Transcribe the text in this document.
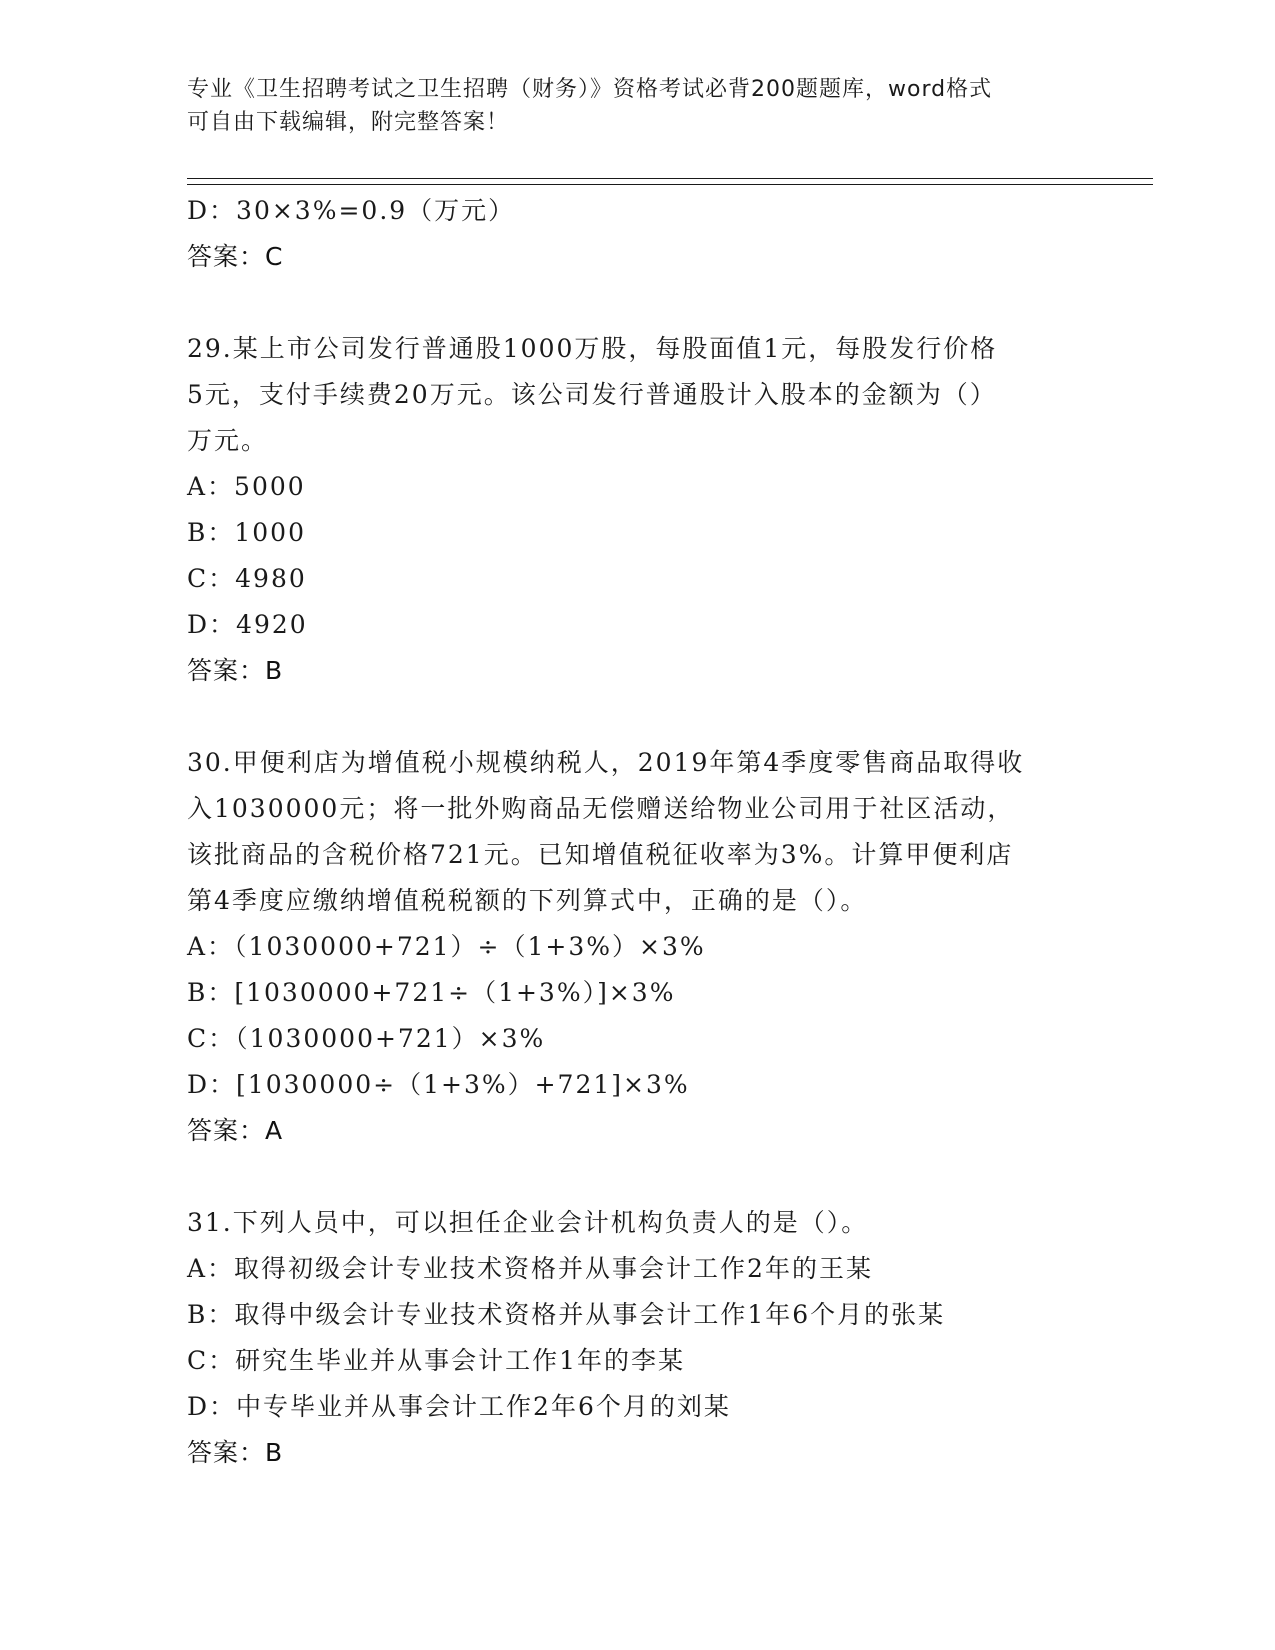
专业《卫生招聘考试之卫生招聘（财务）》资格考试必背200题题库，word格式
可自由下载编辑，附完整答案！
D：30×3%=0.9（万元）
答案：C
29.某上市公司发行普通股1000万股，每股面值1元，每股发行价格
5元，支付手续费20万元。该公司发行普通股计入股本的金额为（）
万元。
A：5000
B：1000
C：4980
D：4920
答案：B
30.甲便利店为增值税小规模纳税人，2019年第4季度零售商品取得收
入1030000元；将一批外购商品无偿赠送给物业公司用于社区活动，
该批商品的含税价格721元。已知增值税征收率为3%。计算甲便利店
第4季度应缴纳增值税税额的下列算式中，正确的是（）。
A：（1030000+721）÷（1+3%）×3%
B：[1030000+721÷（1+3%）]×3%
C：（1030000+721）×3%
D：[1030000÷（1+3%）+721]×3%
答案：A
31.下列人员中，可以担任企业会计机构负责人的是（）。
A：取得初级会计专业技术资格并从事会计工作2年的王某
B：取得中级会计专业技术资格并从事会计工作1年6个月的张某
C：研究生毕业并从事会计工作1年的李某
D：中专毕业并从事会计工作2年6个月的刘某
答案：B
